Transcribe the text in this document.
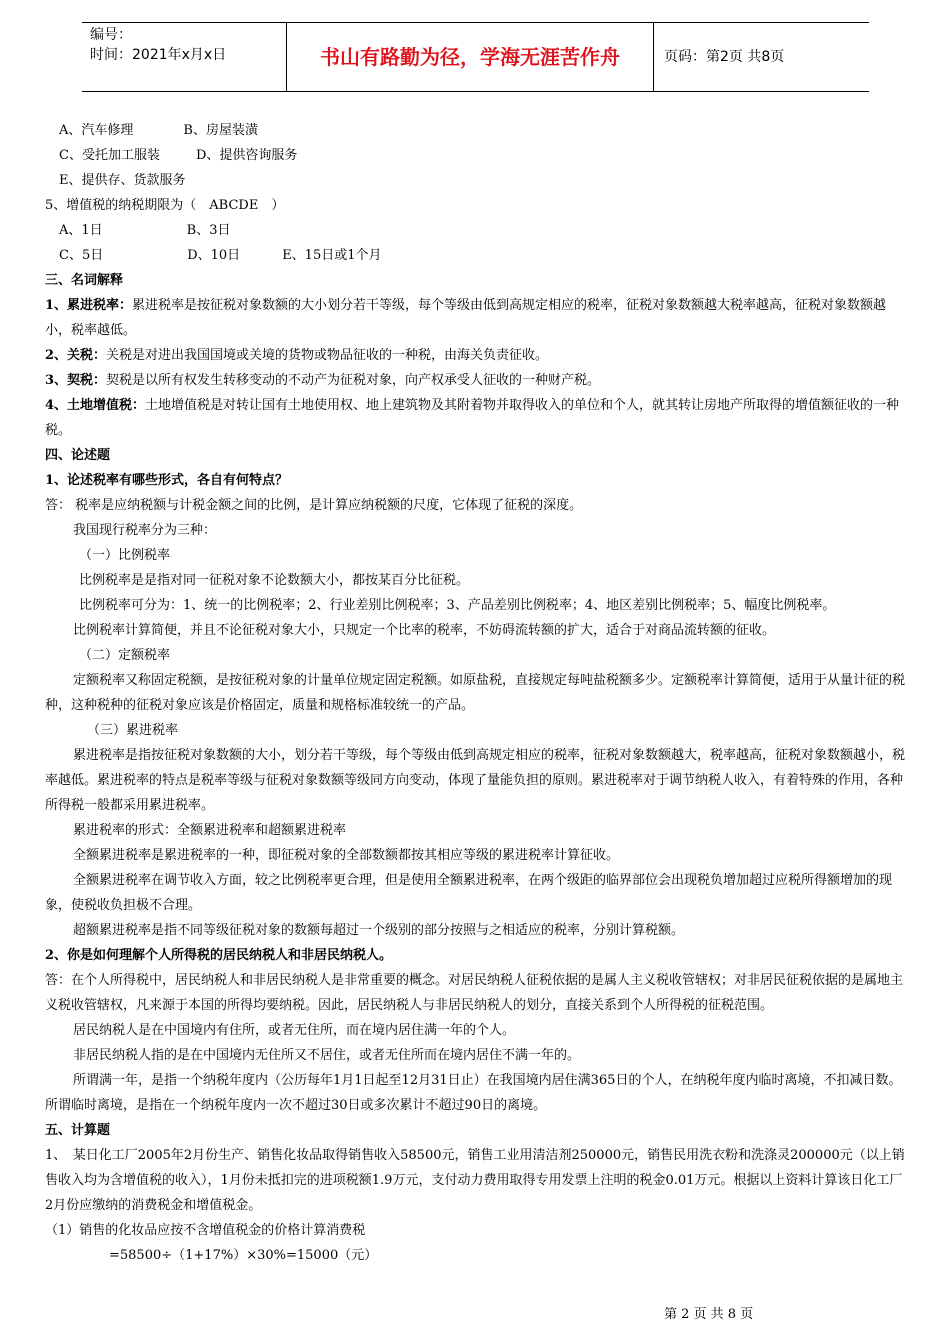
编号：
时间：2021年x月x日	书山有路勤为径，学海无涯苦作舟	页码：第2页 共8页

A、汽车修理	B、房屋装潢

C、受托加工服装	D、提供咨询服务

E、提供存、货款服务

5、增值税的纳税期限为（　ABCDE　）

A、1日	B、3日

C、5日	D、10日	E、15日或1个月

三、名词解释

1、累进税率：累进税率是按征税对象数额的大小划分若干等级，每个等级由低到高规定相应的税率，征税对象数额越大税率越高，征税对象数额越小，税率越低。

2、关税：关税是对进出我国国境或关境的货物或物品征收的一种税，由海关负责征收。

3、契税：契税是以所有权发生转移变动的不动产为征税对象，向产权承受人征收的一种财产税。

4、土地增值税：土地增值税是对转让国有土地使用权、地上建筑物及其附着物并取得收入的单位和个人，就其转让房地产所取得的增值额征收的一种税。

四、论述题

1、论述税率有哪些形式，各自有何特点？

答： 税率是应纳税额与计税金额之间的比例，是计算应纳税额的尺度，它体现了征税的深度。

我国现行税率分为三种：

（一）比例税率

比例税率是是指对同一征税对象不论数额大小，都按某百分比征税。

比例税率可分为：1、统一的比例税率；2、行业差别比例税率；3、产品差别比例税率；4、地区差别比例税率；5、幅度比例税率。

比例税率计算简便，并且不论征税对象大小，只规定一个比率的税率，不妨碍流转额的扩大，适合于对商品流转额的征收。

（二）定额税率

定额税率又称固定税额，是按征税对象的计量单位规定固定税额。如原盐税，直接规定每吨盐税额多少。定额税率计算简便，适用于从量计征的税种，这种税种的征税对象应该是价格固定，质量和规格标准较统一的产品。

（三）累进税率

累进税率是指按征税对象数额的大小，划分若干等级，每个等级由低到高规定相应的税率，征税对象数额越大，税率越高，征税对象数额越小，税率越低。累进税率的特点是税率等级与征税对象数额等级同方向变动，体现了量能负担的原则。累进税率对于调节纳税人收入，有着特殊的作用，各种所得税一般都采用累进税率。

累进税率的形式：全额累进税率和超额累进税率

全额累进税率是累进税率的一种，即征税对象的全部数额都按其相应等级的累进税率计算征收。

全额累进税率在调节收入方面，较之比例税率更合理，但是使用全额累进税率，在两个级距的临界部位会出现税负增加超过应税所得额增加的现象，使税收负担极不合理。

超额累进税率是指不同等级征税对象的数额每超过一个级别的部分按照与之相适应的税率，分别计算税额。

2、你是如何理解个人所得税的居民纳税人和非居民纳税人。

答：在个人所得税中，居民纳税人和非居民纳税人是非常重要的概念。对居民纳税人征税依据的是属人主义税收管辖权；对非居民征税依据的是属地主义税收管辖权，凡来源于本国的所得均要纳税。因此，居民纳税人与非居民纳税人的划分，直接关系到个人所得税的征税范围。

居民纳税人是在中国境内有住所，或者无住所，而在境内居住满一年的个人。

非居民纳税人指的是在中国境内无住所又不居住，或者无住所而在境内居住不满一年的。

所谓满一年，是指一个纳税年度内（公历每年1月1日起至12月31日止）在我国境内居住满365日的个人，在纳税年度内临时离境，不扣减日数。所谓临时离境，是指在一个纳税年度内一次不超过30日或多次累计不超过90日的离境。

五、计算题

1、　某日化工厂2005年2月份生产、销售化妆品取得销售收入58500元，销售工业用清洁剂250000元，销售民用洗衣粉和洗涤灵200000元（以上销售收入均为含增值税的收入），1月份未抵扣完的进项税额1.9万元，支付动力费用取得专用发票上注明的税金0.01万元。根据以上资料计算该日化工厂2月份应缴纳的消费税金和增值税金。

（1）销售的化妆品应按不含增值税金的价格计算消费税

=58500÷（1+17%）×30%=15000（元）

第 2 页 共 8 页
